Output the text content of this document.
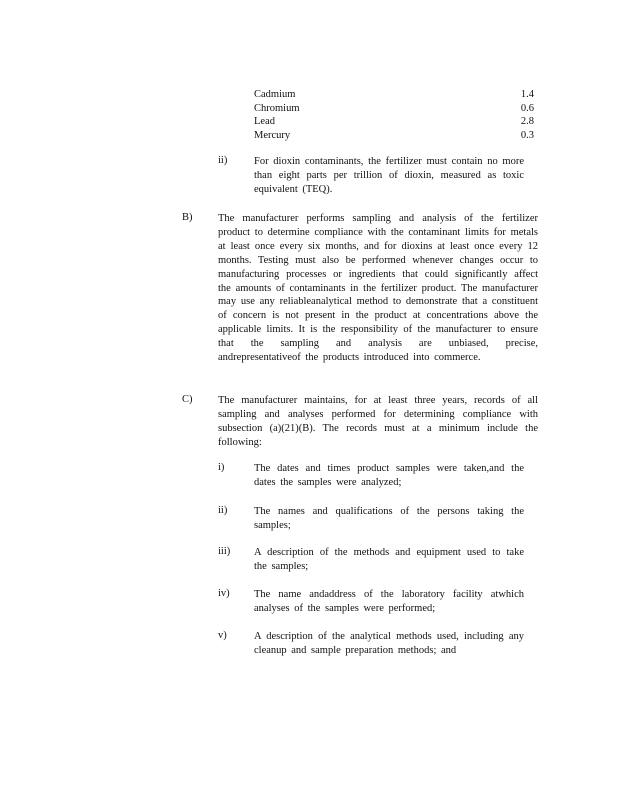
Cadmium	1.4
Chromium	0.6
Lead	2.8
Mercury	0.3
ii)	For dioxin contaminants, the fertilizer must contain no more than eight parts per trillion of dioxin, measured as toxic equivalent (TEQ).
B) The manufacturer performs sampling and analysis of the fertilizer product to determine compliance with the contaminant limits for metals at least once every six months, and for dioxins at least once every 12 months. Testing must also be performed whenever changes occur to manufacturing processes or ingredients that could significantly affect the amounts of contaminants in the fertilizer product. The manufacturer may use any reliableanalytical method to demonstrate that a constituent of concern is not present in the product at concentrations above the applicable limits. It is the responsibility of the manufacturer to ensure that the sampling and analysis are unbiased, precise, andrepresentativeof the products introduced into commerce.
C) The manufacturer maintains, for at least three years, records of all sampling and analyses performed for determining compliance with subsection (a)(21)(B). The records must at a minimum include the following:
i)	The dates and times product samples were taken,and the dates the samples were analyzed;
ii)	The names and qualifications of the persons taking the samples;
iii) A description of the methods and equipment used to take the samples;
iv) The name andaddress of the laboratory facility atwhich analyses of the samples were performed;
v)	A description of the analytical methods used, including any cleanup and sample preparation methods; and
